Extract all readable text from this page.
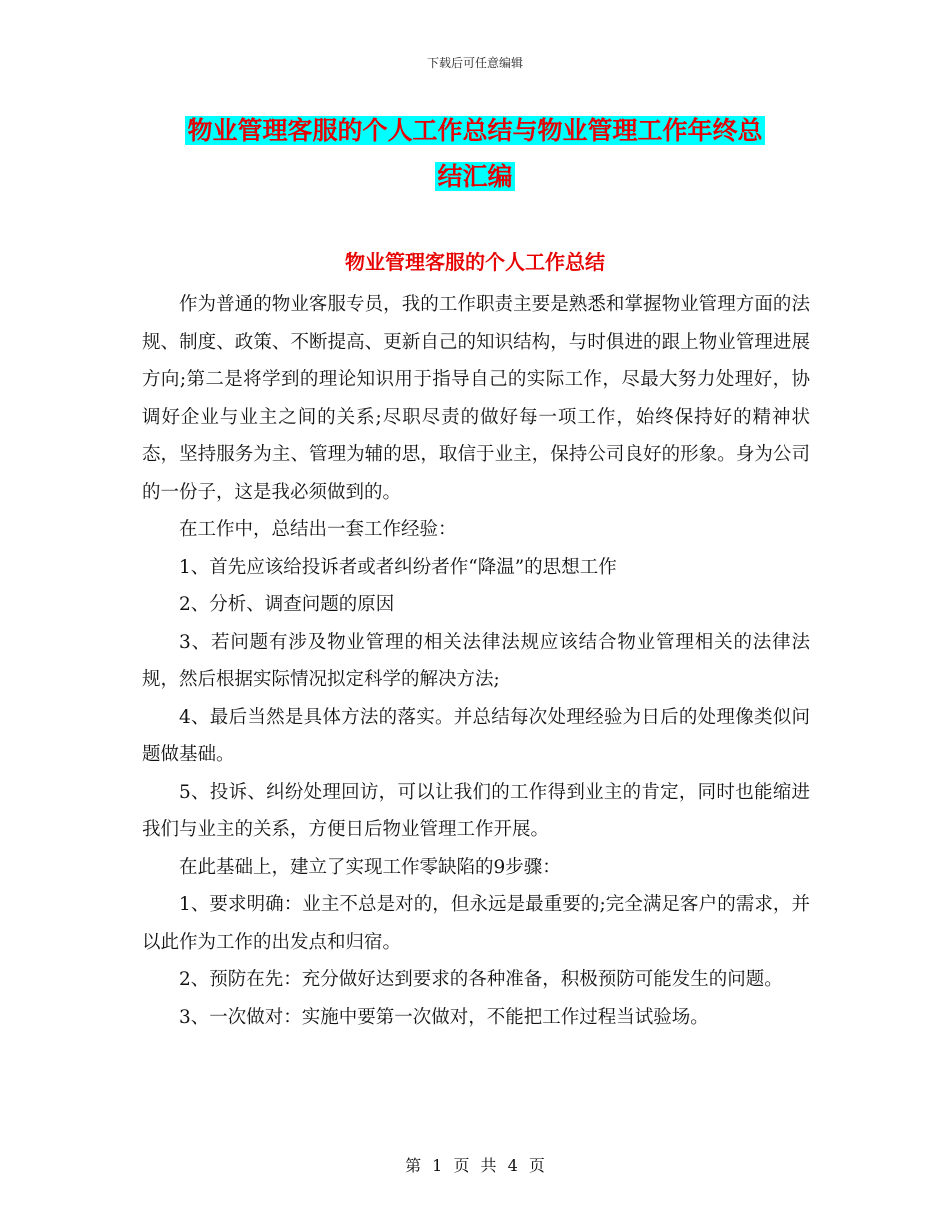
下载后可任意编辑
物业管理客服的个人工作总结与物业管理工作年终总
结汇编
物业管理客服的个人工作总结

作为普通的物业客服专员，我的工作职责主要是熟悉和掌握物业管理方面的法规、制度、政策、不断提高、更新自己的知识结构，与时俱进的跟上物业管理进展方向;第二是将学到的理论知识用于指导自己的实际工作，尽最大努力处理好，协调好企业与业主之间的关系;尽职尽责的做好每一项工作，始终保持好的精神状态，坚持服务为主、管理为辅的思，取信于业主，保持公司良好的形象。身为公司的一份子，这是我必须做到的。

在工作中，总结出一套工作经验：

1、首先应该给投诉者或者纠纷者作“降温”的思想工作

2、分析、调查问题的原因

3、若问题有涉及物业管理的相关法律法规应该结合物业管理相关的法律法规，然后根据实际情况拟定科学的解决方法;

4、最后当然是具体方法的落实。并总结每次处理经验为日后的处理像类似问题做基础。

5、投诉、纠纷处理回访，可以让我们的工作得到业主的肯定，同时也能缩进我们与业主的关系，方便日后物业管理工作开展。

在此基础上，建立了实现工作零缺陷的9步骤：

1、要求明确：业主不总是对的，但永远是最重要的;完全满足客户的需求，并以此作为工作的出发点和归宿。

2、预防在先：充分做好达到要求的各种准备，积极预防可能发生的问题。

3、一次做对：实施中要第一次做对，不能把工作过程当试验场。

第 1 页 共 4 页
